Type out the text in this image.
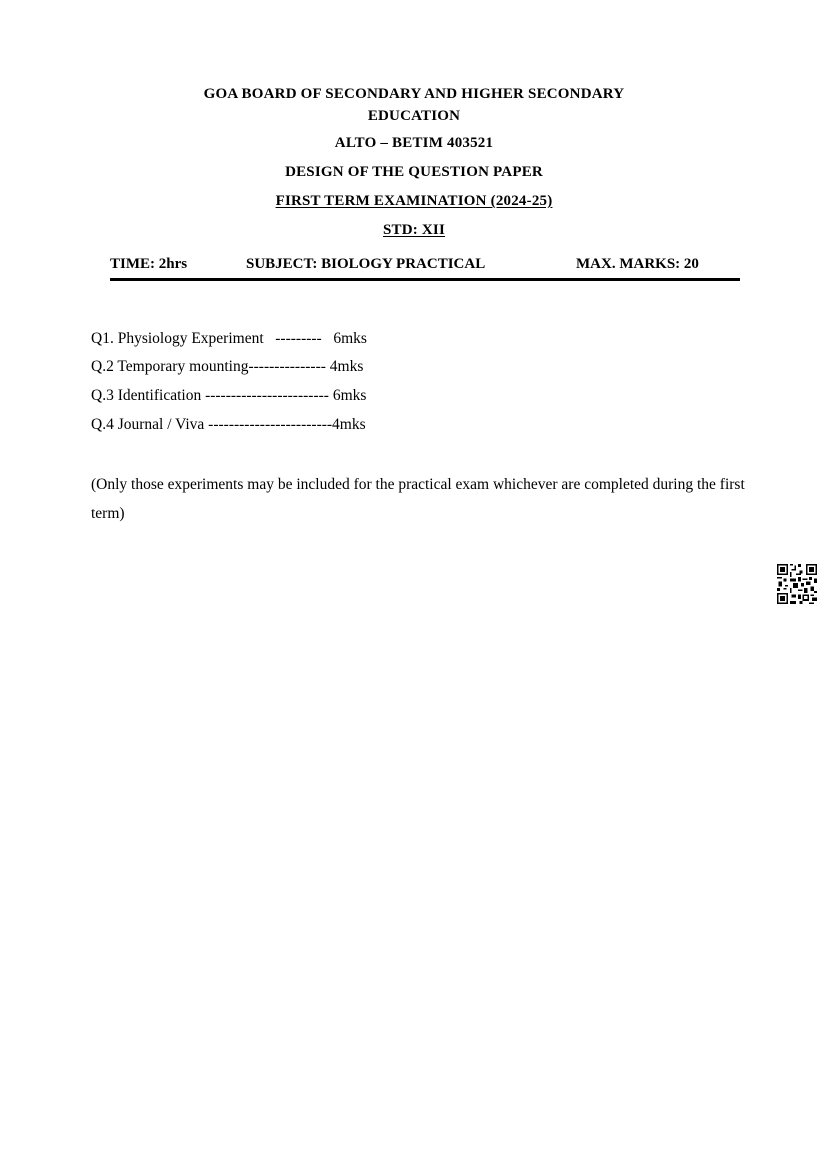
GOA BOARD OF SECONDARY AND HIGHER SECONDARY
EDUCATION
ALTO – BETIM 403521
DESIGN OF THE QUESTION PAPER
FIRST TERM EXAMINATION (2024-25)
STD: XII
TIME: 2hrs	SUBJECT: BIOLOGY PRACTICAL	MAX. MARKS: 20
Q1. Physiology Experiment   ---------   6mks
Q.2 Temporary mounting--------------- 4mks
Q.3 Identification ------------------------ 6mks
Q.4 Journal / Viva ------------------------4mks
(Only those experiments may be included for the practical exam whichever are completed during the first term)
